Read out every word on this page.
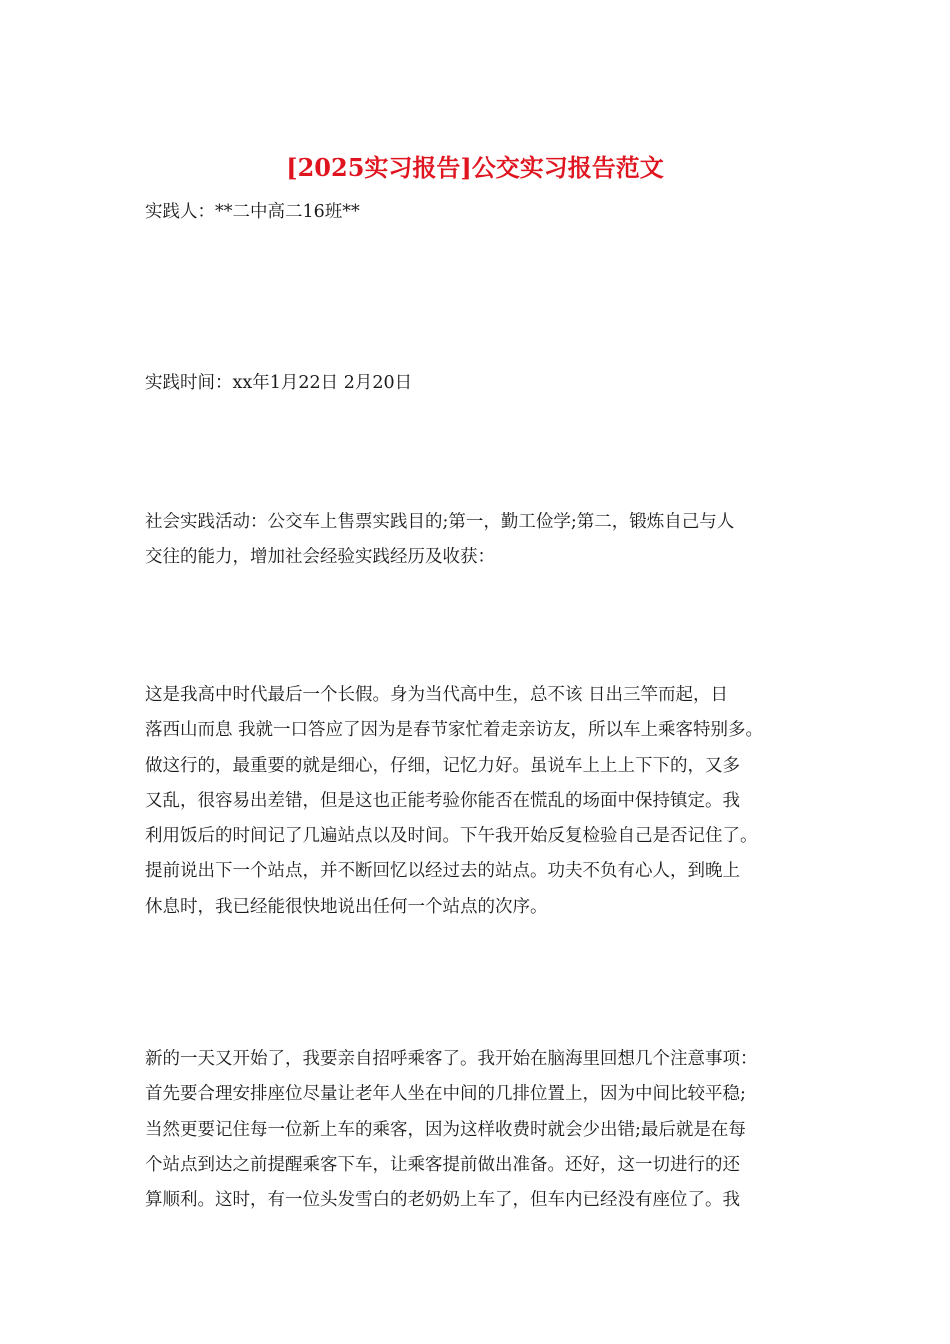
[2025实习报告]公交实习报告范文
实践人：**二中高二16班**
实践时间：xx年1月22日 2月20日
社会实践活动：公交车上售票实践目的;第一，勤工俭学;第二，锻炼自己与人
交往的能力，增加社会经验实践经历及收获：
这是我高中时代最后一个长假。身为当代高中生，总不该 日出三竿而起，日
落西山而息 我就一口答应了因为是春节家忙着走亲访友，所以车上乘客特别多。
做这行的，最重要的就是细心，仔细，记忆力好。虽说车上上上下下的，又多
又乱，很容易出差错，但是这也正能考验你能否在慌乱的场面中保持镇定。我
利用饭后的时间记了几遍站点以及时间。下午我开始反复检验自己是否记住了。
提前说出下一个站点，并不断回忆以经过去的站点。功夫不负有心人，到晚上
休息时，我已经能很快地说出任何一个站点的次序。
新的一天又开始了，我要亲自招呼乘客了。我开始在脑海里回想几个注意事项：
首先要合理安排座位尽量让老年人坐在中间的几排位置上，因为中间比较平稳;
当然更要记住每一位新上车的乘客，因为这样收费时就会少出错;最后就是在每
个站点到达之前提醒乘客下车，让乘客提前做出准备。还好，这一切进行的还
算顺利。这时，有一位头发雪白的老奶奶上车了，但车内已经没有座位了。我
